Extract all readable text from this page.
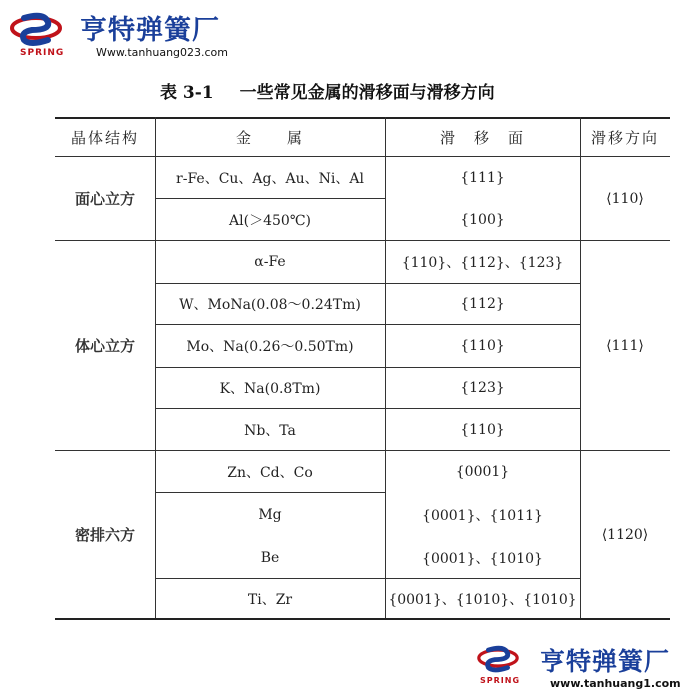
SPRING
亨特弹簧厂
Www.tanhuang023.com
表 3-1 一些常见金属的滑移面与滑移方向
晶体结构	金　　属	滑　移　面	滑移方向
面心立方
r-Fe、Cu、Ag、Au、Ni、Al	{111}
Al(＞450℃)	{100}
⟨110⟩
体心立方
α-Fe	{110}、{112}、{123}
W、MoNa(0.08～0.24Tm)	{112}
Mo、Na(0.26～0.50Tm)	{110}
K、Na(0.8Tm)	{123}
Nb、Ta	{110}
⟨111⟩
密排六方
Zn、Cd、Co	{0001}
Mg	{0001}、{1011}
Be	{0001}、{1010}
Ti、Zr	{0001}、{1010}、{1010}
⟨1120⟩
SPRING
亨特弹簧厂
www.tanhuang1.com
